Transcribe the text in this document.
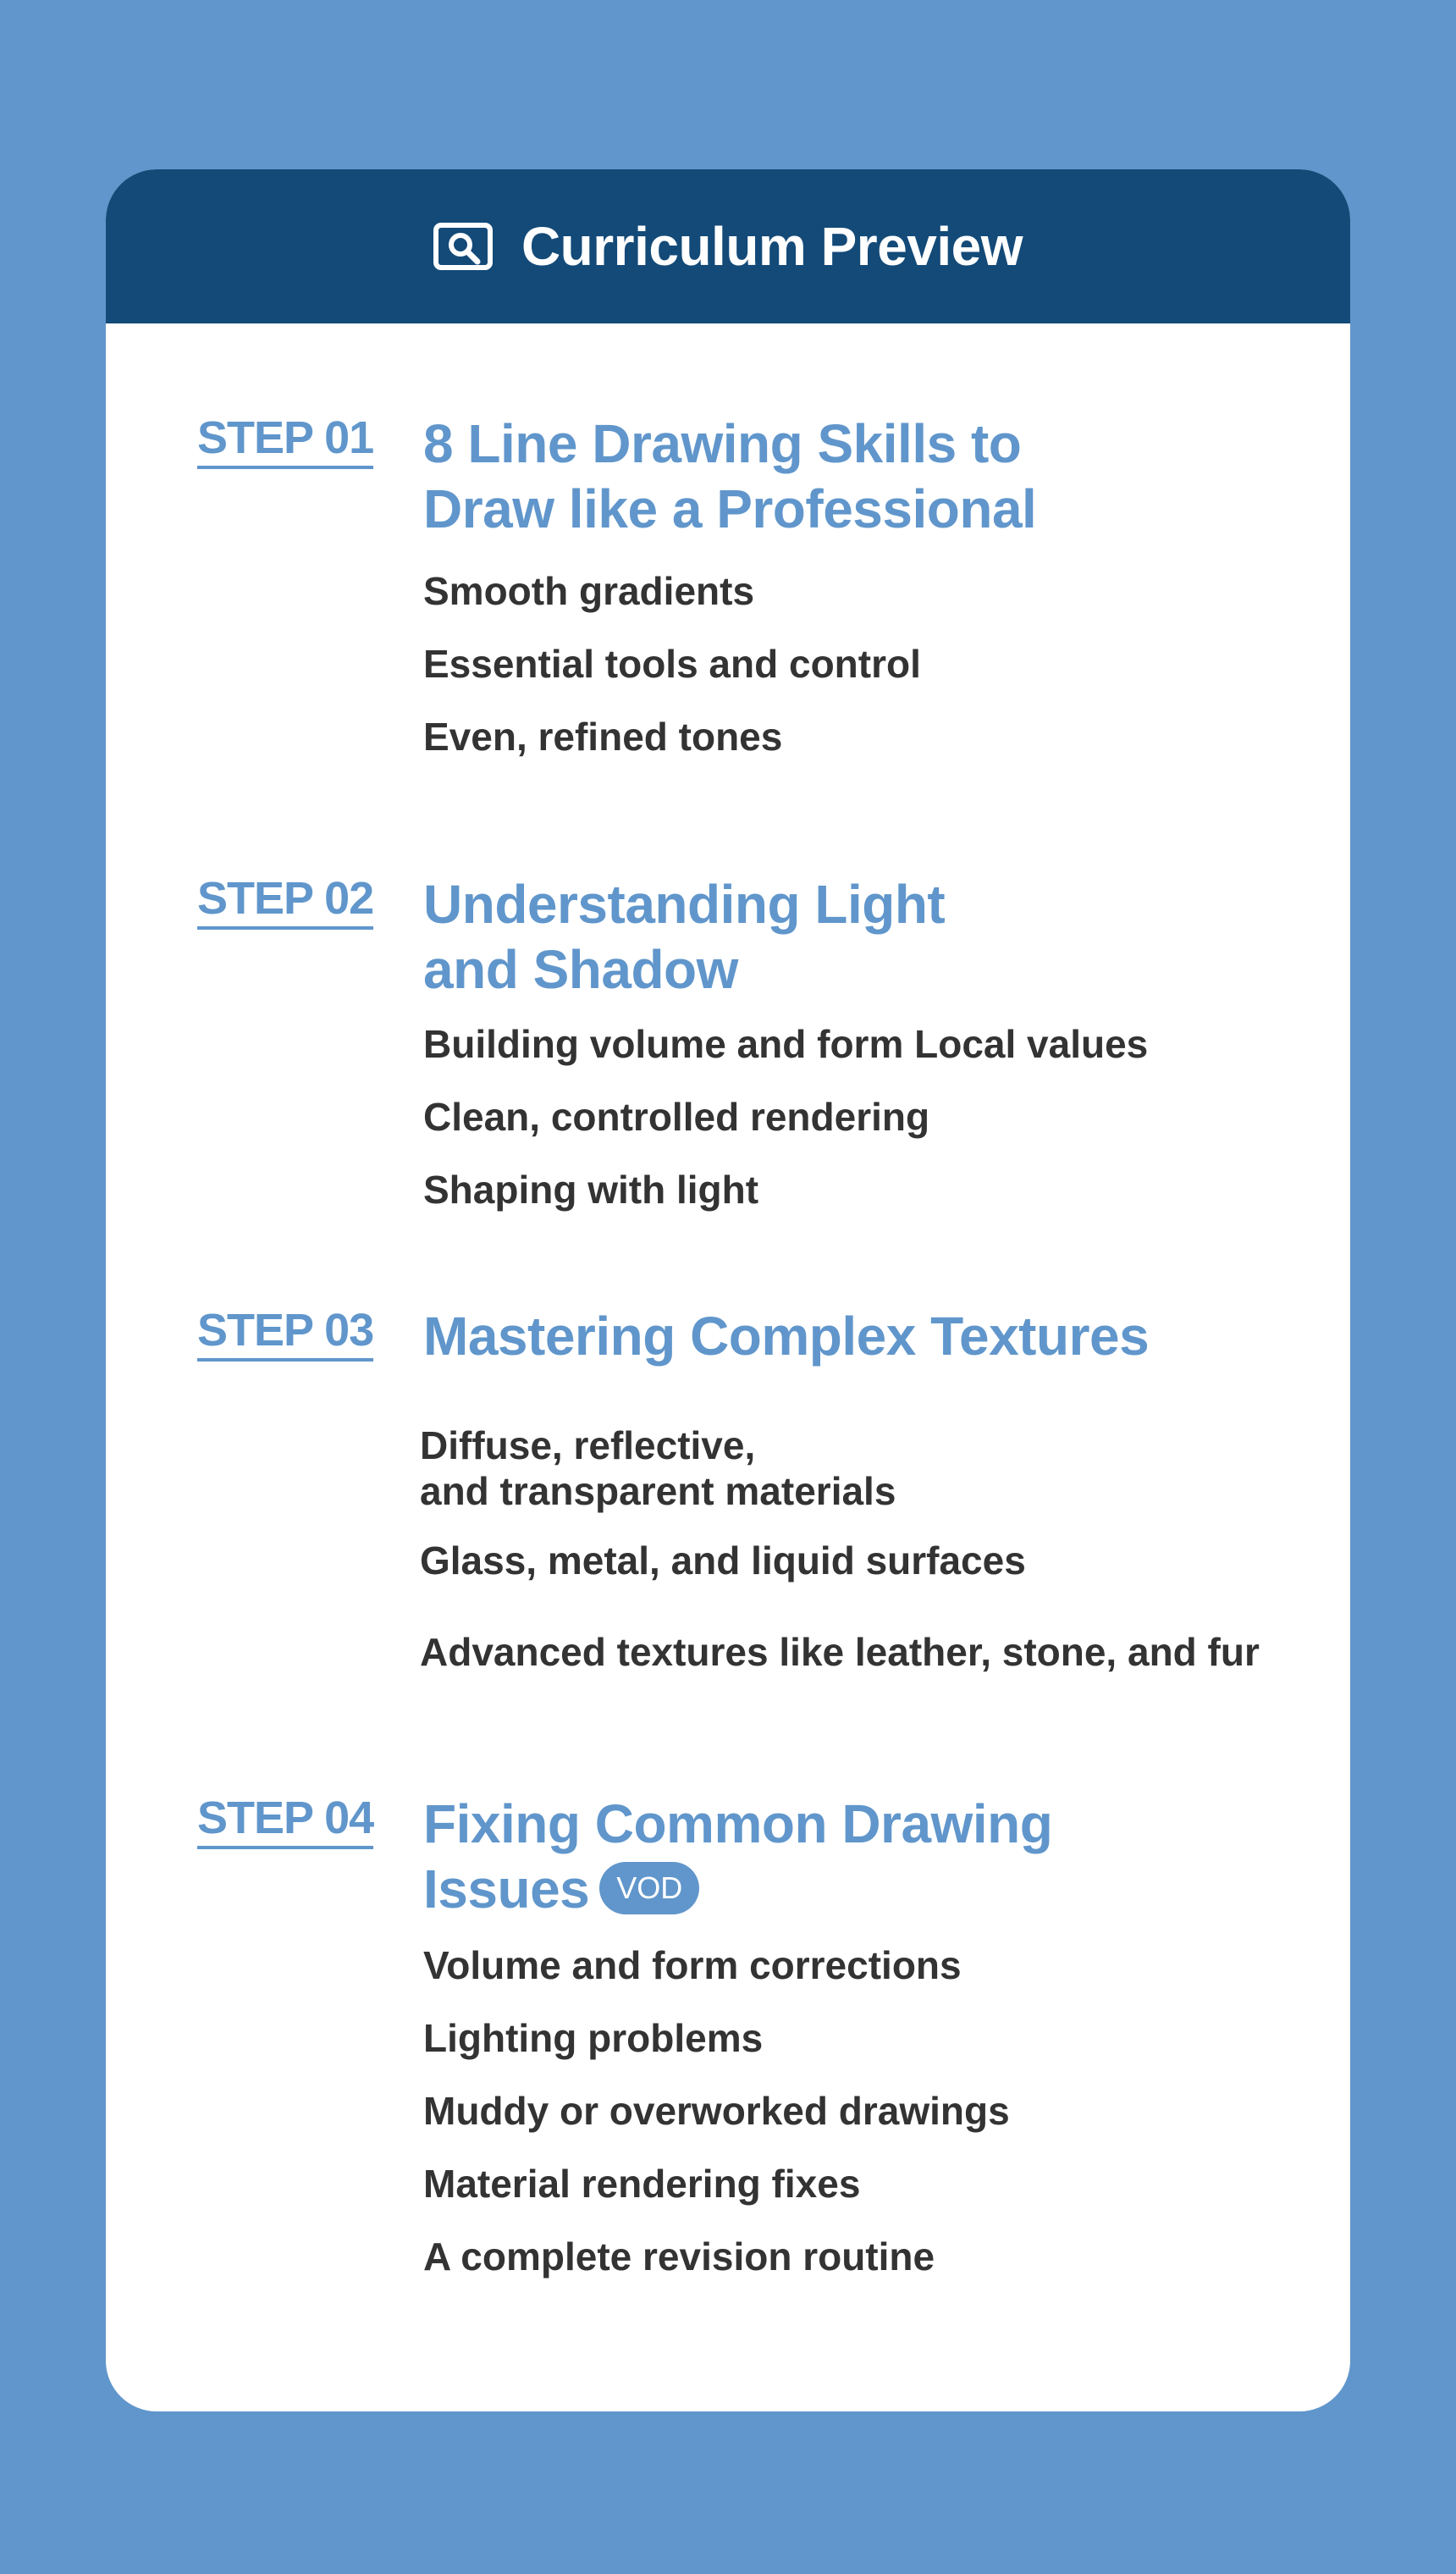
Curriculum Preview
STEP 01 8 Line Drawing Skills to
Draw like a Professional
Smooth gradients
Essential tools and control
Even, refined tones
STEP 02 Understanding Light
and Shadow
Building volume and form Local values
Clean, controlled rendering
Shaping with light
STEP 03 Mastering Complex Textures
Diffuse, reflective,
and transparent materials
Glass, metal, and liquid surfaces
Advanced textures like leather, stone, and fur
STEP 04 Fixing Common Drawing
Issues VOD
Volume and form corrections
Lighting problems
Muddy or overworked drawings
Material rendering fixes
A complete revision routine
